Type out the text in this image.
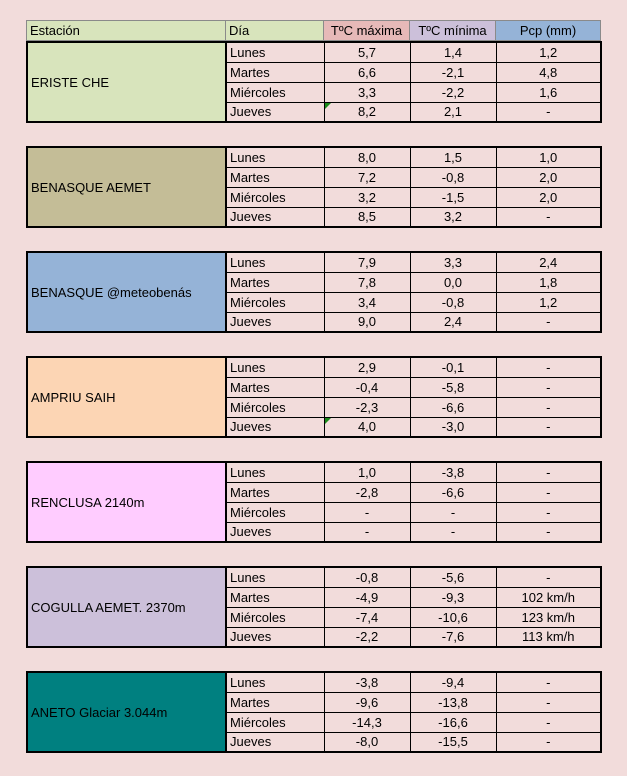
Estación	Día	TºC máxima	TºC mínima	Pcp (mm)
ERISTE CHE	Lunes	5,7	1,4	1,2
	Martes	6,6	-2,1	4,8
	Miércoles	3,3	-2,2	1,6
	Jueves	8,2	2,1	-
BENASQUE AEMET	Lunes	8,0	1,5	1,0
	Martes	7,2	-0,8	2,0
	Miércoles	3,2	-1,5	2,0
	Jueves	8,5	3,2	-
BENASQUE @meteobenás	Lunes	7,9	3,3	2,4
	Martes	7,8	0,0	1,8
	Miércoles	3,4	-0,8	1,2
	Jueves	9,0	2,4	-
AMPRIU SAIH	Lunes	2,9	-0,1	-
	Martes	-0,4	-5,8	-
	Miércoles	-2,3	-6,6	-
	Jueves	4,0	-3,0	-
RENCLUSA 2140m	Lunes	1,0	-3,8	-
	Martes	-2,8	-6,6	-
	Miércoles	-	-	-
	Jueves	-	-	-
COGULLA AEMET. 2370m	Lunes	-0,8	-5,6	-
	Martes	-4,9	-9,3	102 km/h
	Miércoles	-7,4	-10,6	123 km/h
	Jueves	-2,2	-7,6	113 km/h
ANETO Glaciar 3.044m	Lunes	-3,8	-9,4	-
	Martes	-9,6	-13,8	-
	Miércoles	-14,3	-16,6	-
	Jueves	-8,0	-15,5	-
